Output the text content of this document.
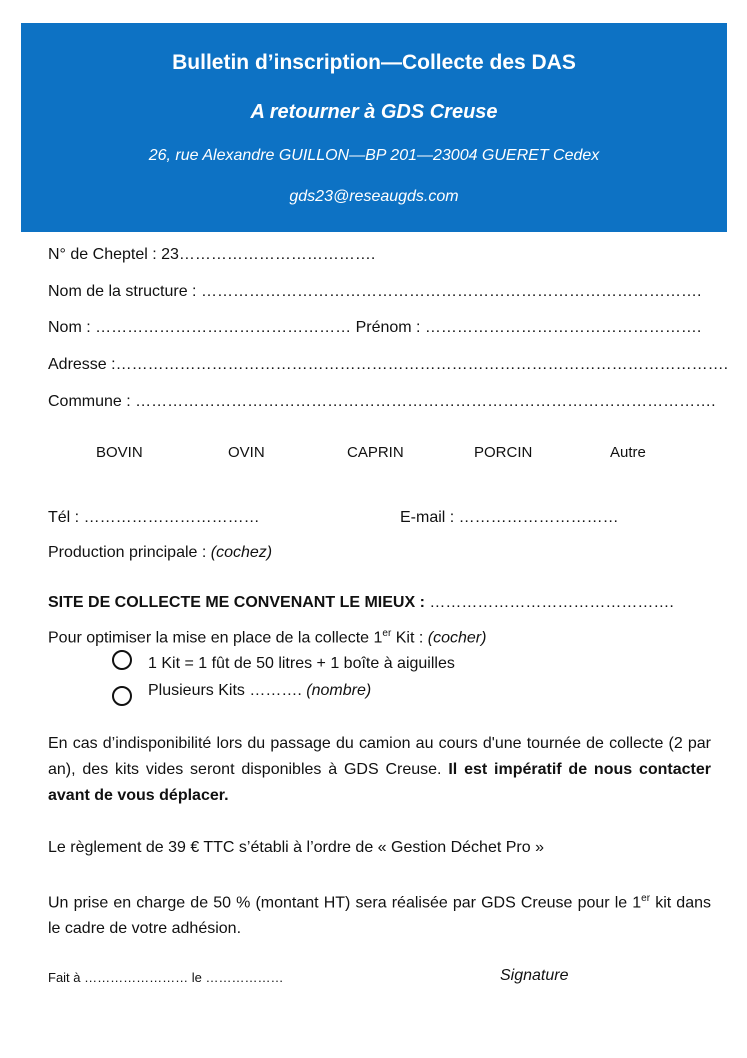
Bulletin d’inscription—Collecte des DAS
A retourner à GDS Creuse
26, rue Alexandre GUILLON—BP 201—23004 GUERET Cedex
gds23@reseaugds.com
N° de Cheptel : 23……………………………….
Nom de la structure : ………………………………………………………………………………….
Nom : ………………………………………… Prénom : …………………………………………….
Adresse :…………………………………………………………………………………………………….
Commune : ……………………………………………………………………………………………….
BOVIN	OVIN	CAPRIN	PORCIN	Autre
Tél : ……………………………	E-mail : …………………………
Production principale : (cochez)
SITE DE COLLECTE ME CONVENANT LE MIEUX : ……………………………………….
Pour optimiser la mise en place de la collecte 1er Kit : (cocher)
1 Kit = 1 fût de 50 litres + 1 boîte à aiguilles
Plusieurs Kits ………. (nombre)
En cas d’indisponibilité lors du passage du camion au cours d'une tournée de collecte (2 par an), des kits vides seront disponibles à GDS Creuse. Il est impératif de nous contacter avant de vous déplacer.
Le règlement de 39 € TTC s’établi à l’ordre de « Gestion Déchet Pro »
Un prise en charge de 50 % (montant HT) sera réalisée par GDS Creuse pour le 1er kit dans le cadre de votre adhésion.
Fait à …………………… le ………………	Signature
